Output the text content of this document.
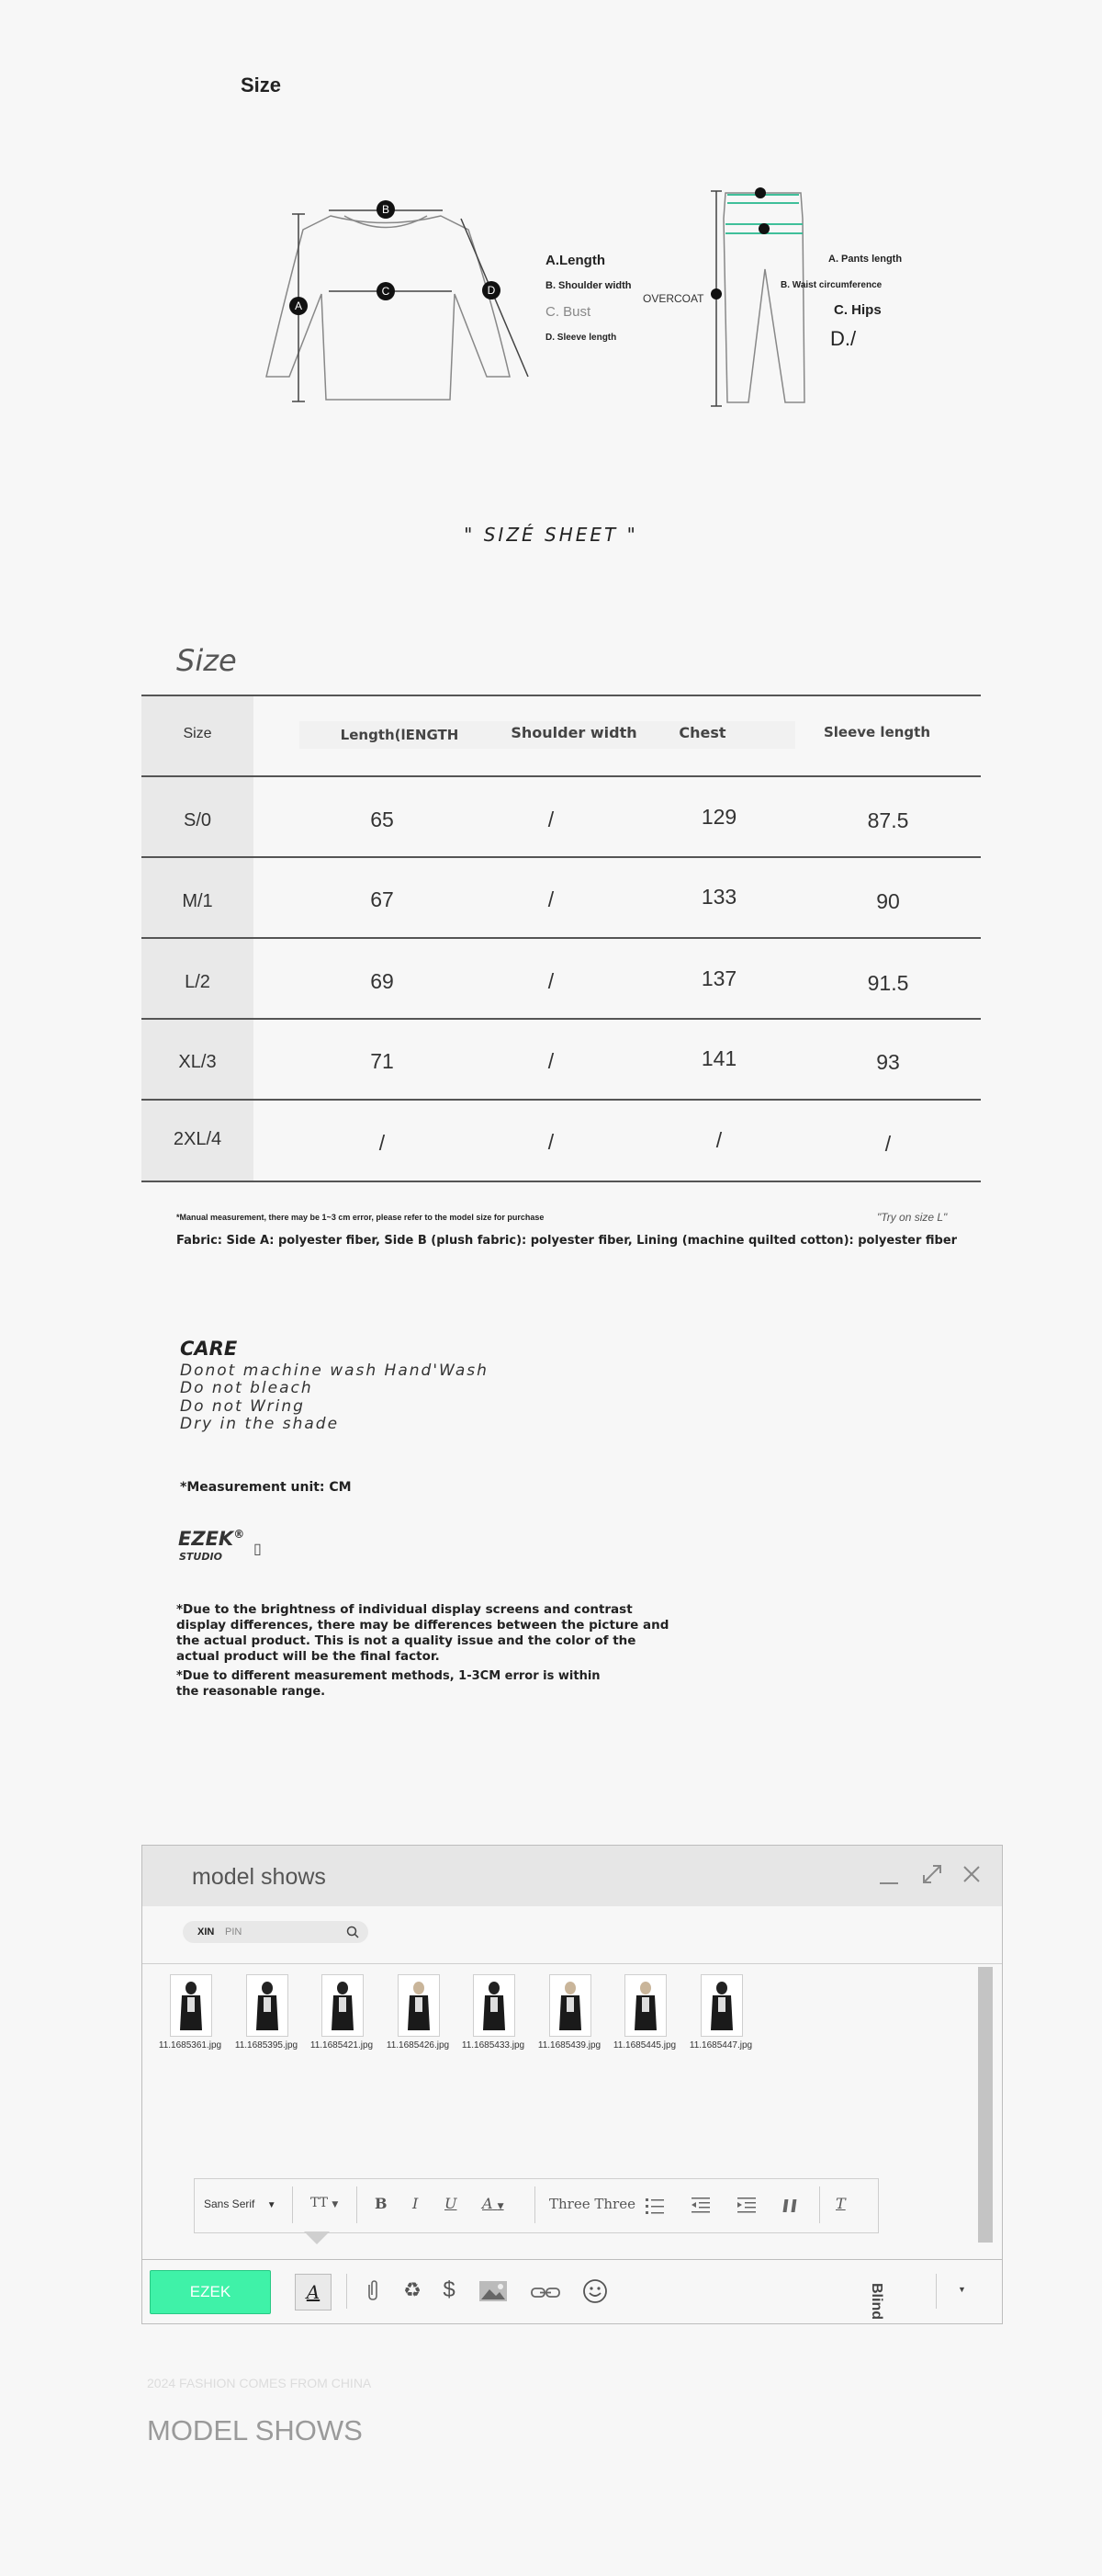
Size
A
B
C	D
A.Length
B. Shoulder width
C. Bust
D. Sleeve length
OVERCOAT
A. Pants length
B. Waist circumference
C. Hips
D./
" SIZÉ SHEET "
Size
Size	Length(lENGTH	Shoulder width	Chest	Sleeve length
S/0	65	/	129	87.5
M/1	67	/	133	90
L/2	69	/	137	91.5
XL/3	71	/	141	93
2XL/4	/	/	/	/
*Manual measurement, there may be 1~3 cm error, please refer to the model size for purchase	"Try on size L"
Fabric: Side A: polyester fiber, Side B (plush fabric): polyester fiber, Lining (machine quilted cotton): polyester fiber
CARE
Donot machine wash Hand'Wash
Do not bleach
Do not Wring
Dry in the shade
*Measurement unit: CM
EZEK®
STUDIO ▯
*Due to the brightness of individual display screens and contrast display differences, there may be differences between the picture and the actual product. This is not a quality issue and the color of the actual product will be the final factor.
*Due to different measurement methods, 1-3CM error is within the reasonable range.
model shows
XIN PIN
11.1685361.jpg	11.1685395.jpg	11.1685421.jpg	11.1685426.jpg	11.1685433.jpg	11.1685439.jpg	11.1685445.jpg	11.1685447.jpg
Sans Serif ▼	TT ▼ B I U A ▼	Three Three	T
EZEK	A	♻ $	Blind	▼
2024 FASHION COMES FROM CHINA
MODEL SHOWS
